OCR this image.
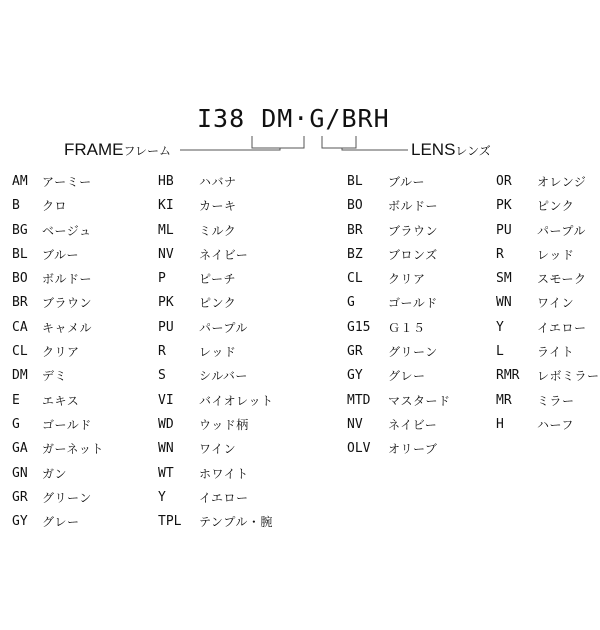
I38 DM·G/BRH
FRAMEフレーム	LENSレンズ
AM アーミー
B クロ
BG ベージュ
BL ブルー
BO ボルドー
BR ブラウン
CA キャメル
CL クリア
DM デミ
E エキス
G ゴールド
GA ガーネット
GN ガン
GR グリーン
GY グレー
HB ハバナ
KI カーキ
ML ミルク
NV ネイビー
P	ピーチ
PK ピンク
PU パープル
R	レッド
S	シルバー
VI バイオレット
WD ウッド柄
WN ワイン
WT ホワイト
Y	イエロー
TPL テンプル・腕
BL ブルー
BO ボルドー
BR ブラウン
BZ ブロンズ
CL クリア
G	ゴールド
G15 Ｇ１５
GR グリーン
GY グレー
MTD マスタード
NV ネイビー
OLV オリーブ
OR オレンジ
PK ピンク
PU パープル
R	レッド
SM スモーク
WN ワイン
Y	イエロー
L	ライト
RMR レボミラー
MR ミラー
H	ハーフ
